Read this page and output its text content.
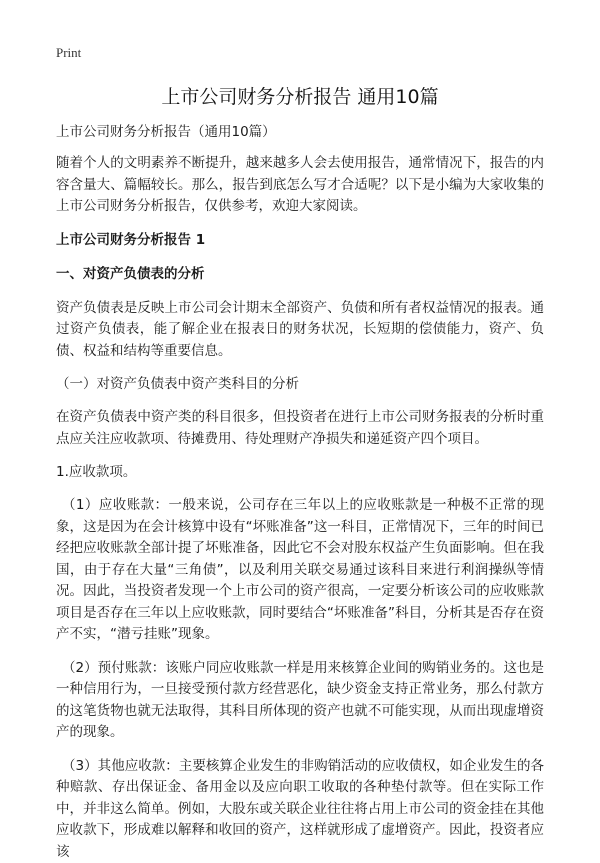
Print
上市公司财务分析报告 通用10篇
上市公司财务分析报告（通用10篇）

随着个人的文明素养不断提升，越来越多人会去使用报告，通常情况下，报告的内容含量大、篇幅较长。那么，报告到底怎么写才合适呢？以下是小编为大家收集的上市公司财务分析报告，仅供参考，欢迎大家阅读。

上市公司财务分析报告 1
一、对资产负债表的分析

资产负债表是反映上市公司会计期末全部资产、负债和所有者权益情况的报表。通过资产负债表，能了解企业在报表日的财务状况，长短期的偿债能力，资产、负债、权益和结构等重要信息。

（一）对资产负债表中资产类科目的分析

在资产负债表中资产类的科目很多，但投资者在进行上市公司财务报表的分析时重点应关注应收款项、待摊费用、待处理财产净损失和递延资产四个项目。

1.应收款项。

（1）应收账款：一般来说，公司存在三年以上的应收账款是一种极不正常的现象，这是因为在会计核算中设有“坏账准备”这一科目，正常情况下，三年的时间已经把应收账款全部计提了坏账准备，因此它不会对股东权益产生负面影响。但在我国，由于存在大量“三角债”，以及利用关联交易通过该科目来进行利润操纵等情况。因此，当投资者发现一个上市公司的资产很高，一定要分析该公司的应收账款项目是否存在三年以上应收账款，同时要结合“坏账准备”科目，分析其是否存在资产不实，“潜亏挂账”现象。

（2）预付账款：该账户同应收账款一样是用来核算企业间的购销业务的。这也是一种信用行为，一旦接受预付款方经营恶化，缺少资金支持正常业务，那么付款方的这笔货物也就无法取得，其科目所体现的资产也就不可能实现，从而出现虚增资产的现象。

（3）其他应收款：主要核算企业发生的非购销活动的应收债权，如企业发生的各种赔款、存出保证金、备用金以及应向职工收取的各种垫付款等。但在实际工作中，并非这么简单。例如，大股东或关联企业往往将占用上市公司的资金挂在其他应收款下，形成难以解释和收回的资产，这样就形成了虚增资产。因此，投资者应该
